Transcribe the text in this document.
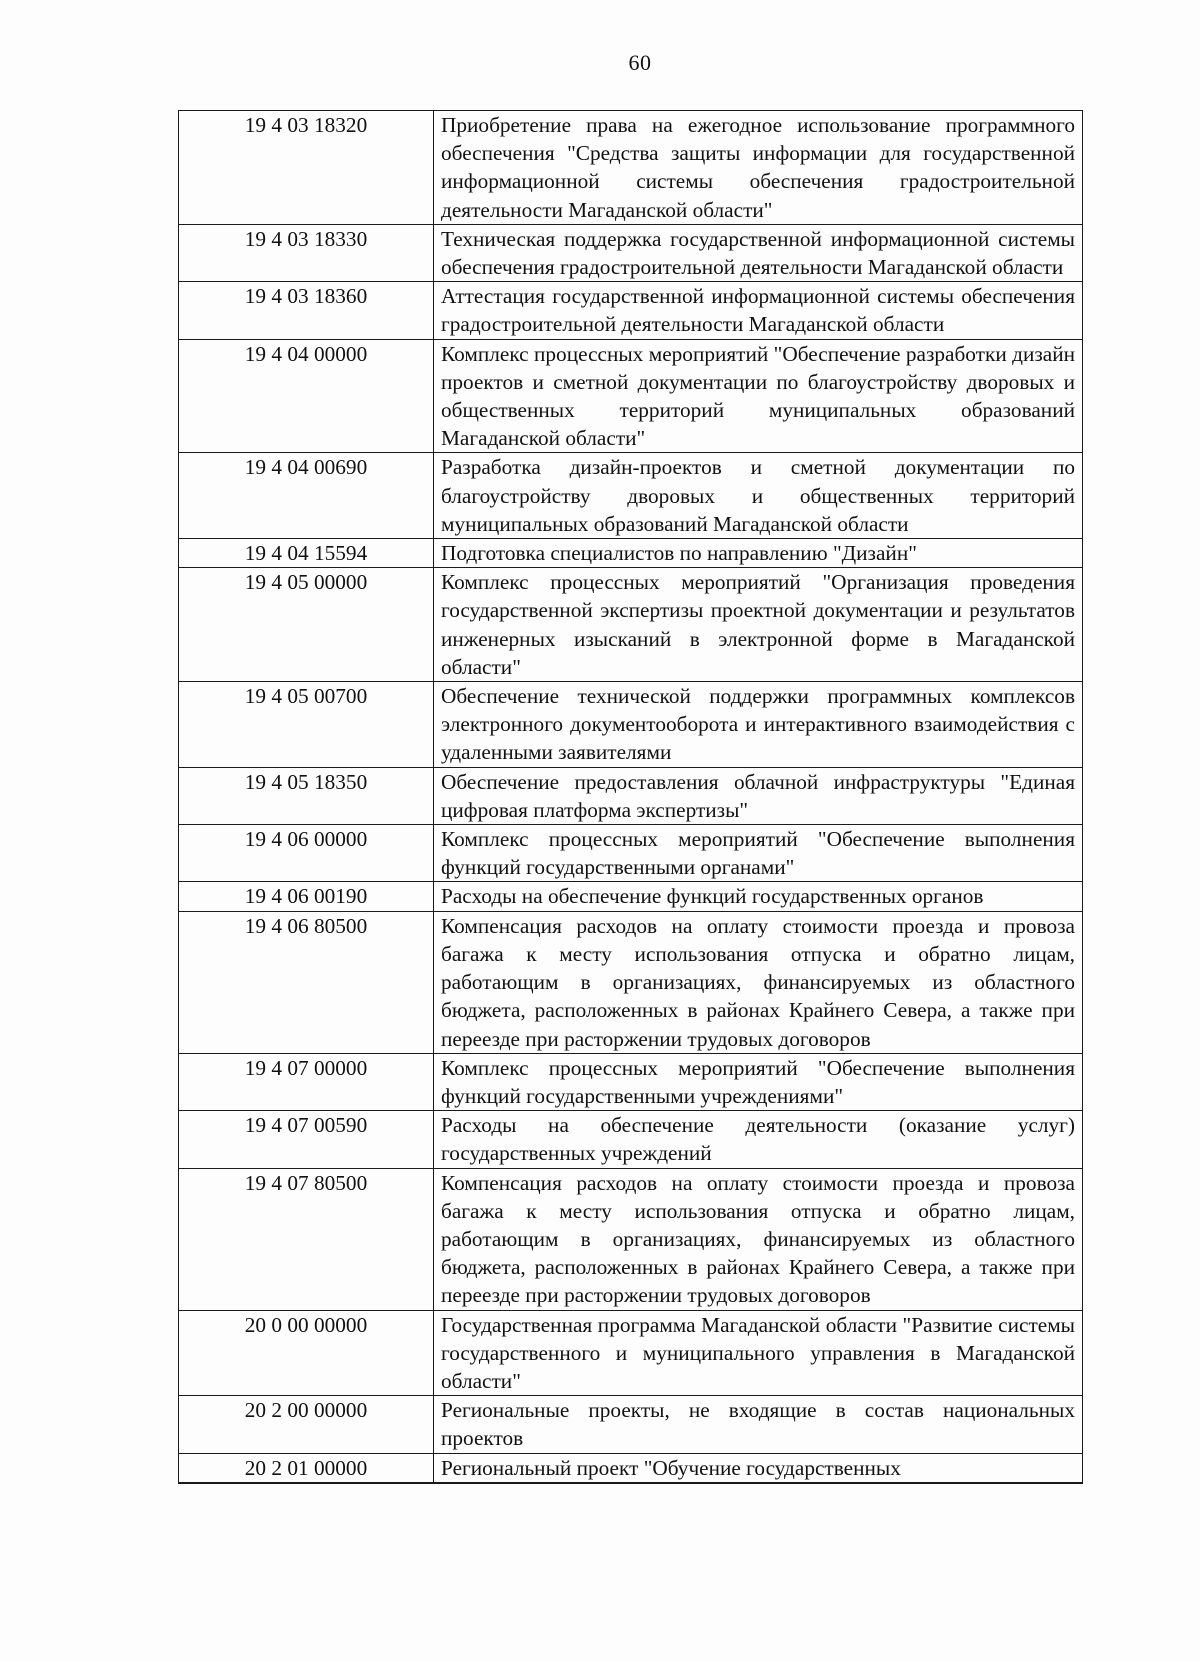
60
19 4 03 18320	Приобретение права на ежегодное использование программного обеспечения "Средства защиты информации для государственной информационной системы обеспечения градостроительной деятельности Магаданской области"
19 4 03 18330	Техническая поддержка государственной информационной системы обеспечения градостроительной деятельности Магаданской области
19 4 03 18360	Аттестация государственной информационной системы обеспечения градостроительной деятельности Магаданской области
19 4 04 00000	Комплекс процессных мероприятий "Обеспечение разработки дизайн проектов и сметной документации по благоустройству дворовых и общественных территорий муниципальных образований Магаданской области"
19 4 04 00690	Разработка дизайн-проектов и сметной документации по благоустройству дворовых и общественных территорий муниципальных образований Магаданской области
19 4 04 15594	Подготовка специалистов по направлению "Дизайн"
19 4 05 00000	Комплекс процессных мероприятий "Организация проведения государственной экспертизы проектной документации и результатов инженерных изысканий в электронной форме в Магаданской области"
19 4 05 00700	Обеспечение технической поддержки программных комплексов электронного документооборота и интерактивного взаимодействия с удаленными заявителями
19 4 05 18350	Обеспечение предоставления облачной инфраструктуры "Единая цифровая платформа экспертизы"
19 4 06 00000	Комплекс процессных мероприятий "Обеспечение выполнения функций государственными органами"
19 4 06 00190	Расходы на обеспечение функций государственных органов
19 4 06 80500	Компенсация расходов на оплату стоимости проезда и провоза багажа к месту использования отпуска и обратно лицам, работающим в организациях, финансируемых из областного бюджета, расположенных в районах Крайнего Севера, а также при переезде при расторжении трудовых договоров
19 4 07 00000	Комплекс процессных мероприятий "Обеспечение выполнения функций государственными учреждениями"
19 4 07 00590	Расходы на обеспечение деятельности (оказание услуг) государственных учреждений
19 4 07 80500	Компенсация расходов на оплату стоимости проезда и провоза багажа к месту использования отпуска и обратно лицам, работающим в организациях, финансируемых из областного бюджета, расположенных в районах Крайнего Севера, а также при переезде при расторжении трудовых договоров
20 0 00 00000	Государственная программа Магаданской области "Развитие системы государственного и муниципального управления в Магаданской области"
20 2 00 00000	Региональные проекты, не входящие в состав национальных проектов
20 2 01 00000	Региональный проект "Обучение государственных
